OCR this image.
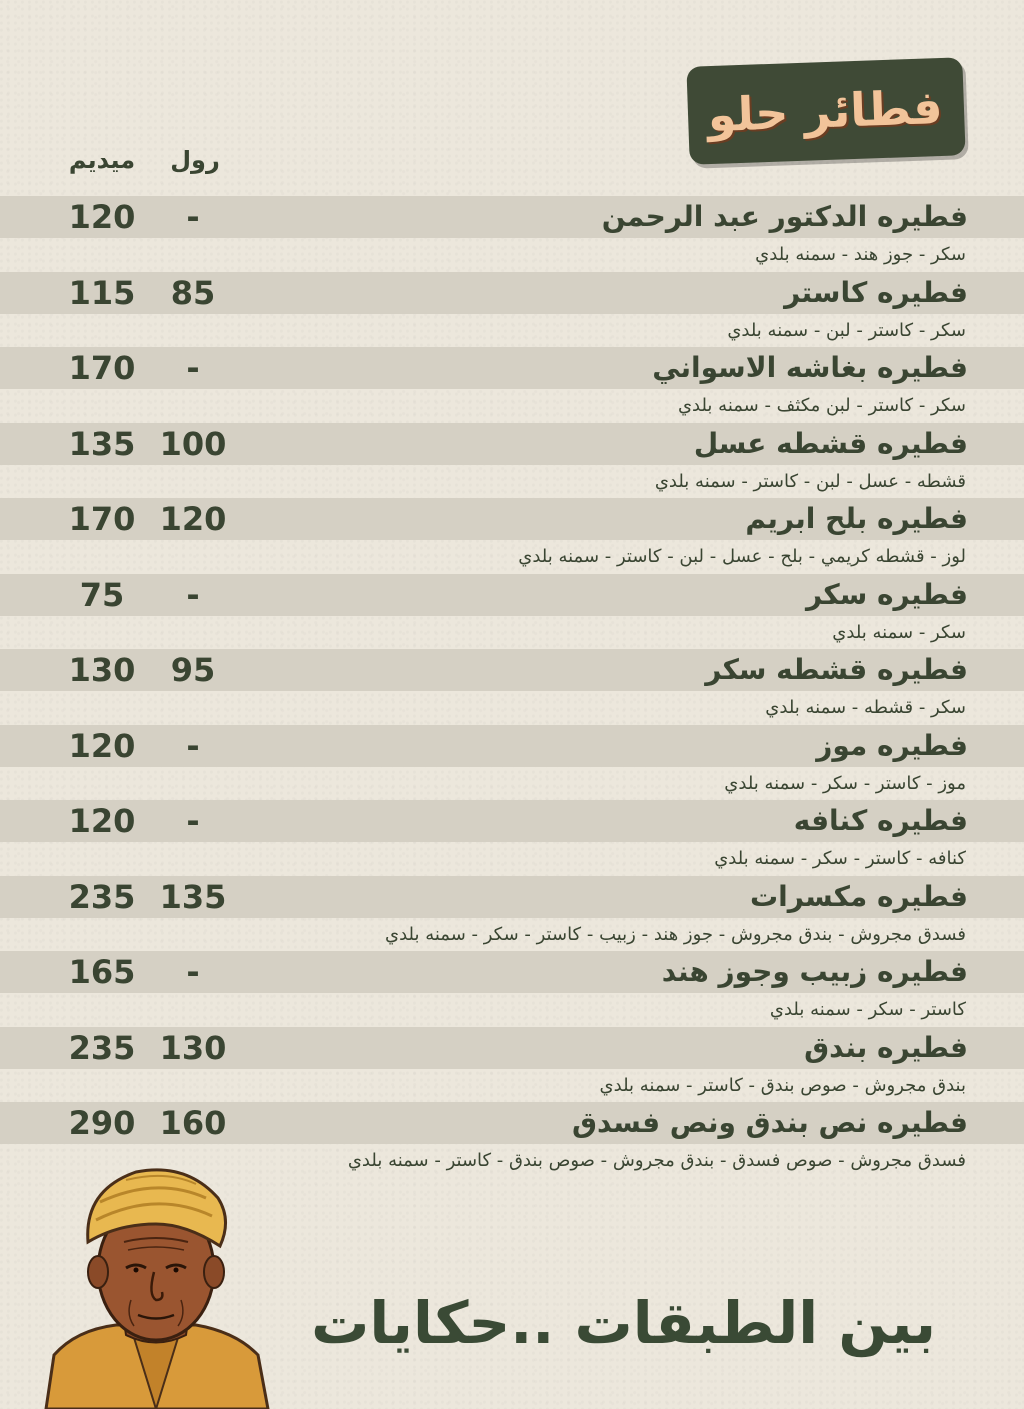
فطائر حلو
رول
ميديم
فطيره الدكتور عبد الرحمن
-
120
سكر - جوز هند - سمنه بلدي
فطيره كاستر
85
115
سكر - كاستر - لبن - سمنه بلدي
فطيره بغاشه الاسواني
-
170
سكر - كاستر - لبن مكثف - سمنه بلدي
فطيره قشطه عسل
100
135
قشطه - عسل - لبن - كاستر - سمنه بلدي
فطيره بلح ابريم
120
170
لوز - قشطه كريمي - بلح - عسل - لبن - كاستر - سمنه بلدي
فطيره سكر
-
75
سكر - سمنه بلدي
فطيره قشطه سكر
95
130
سكر - قشطه - سمنه بلدي
فطيره موز
-
120
موز - كاستر - سكر - سمنه بلدي
فطيره كنافه
-
120
كنافه - كاستر - سكر - سمنه بلدي
فطيره مكسرات
135
235
فسدق مجروش - بندق مجروش - جوز هند - زبيب - كاستر - سكر - سمنه بلدي
فطيره زبيب وجوز هند
-
165
كاستر - سكر - سمنه بلدي
فطيره بندق
130
235
بندق مجروش - صوص بندق - كاستر - سمنه بلدي
فطيره نص بندق ونص فسدق
160
290
فسدق مجروش - صوص فسدق - بندق مجروش - صوص بندق - كاستر - سمنه بلدي
بين الطبقات ..حكايات
